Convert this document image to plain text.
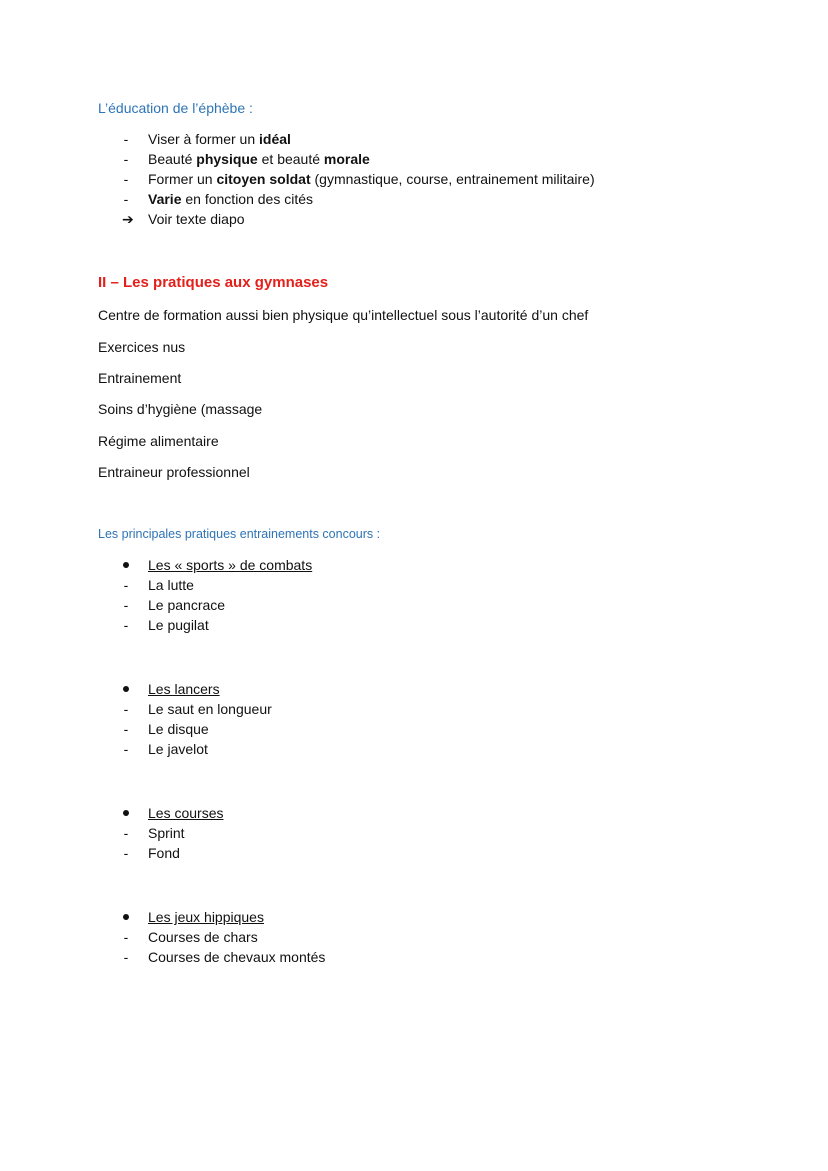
L’éducation de l’éphèbe :
-
Viser à former un idéal
-
Beauté physique et beauté morale
-
Former un citoyen soldat (gymnastique, course, entrainement militaire)
-
Varie en fonction des cités
➔ Voir texte diapo
II – Les pratiques aux gymnases
Centre de formation aussi bien physique qu’intellectuel sous l’autorité d’un chef
Exercices nus
Entrainement
Soins d’hygiène (massage
Régime alimentaire
Entraineur professionnel
Les principales pratiques entrainements concours :
Les « sports » de combats
-
La lutte
-
Le pancrace
-
Le pugilat
Les lancers
-
Le saut en longueur
-
Le disque
-
Le javelot
Les courses
-
Sprint
-
Fond
Les jeux hippiques
-
Courses de chars
-
Courses de chevaux montés
